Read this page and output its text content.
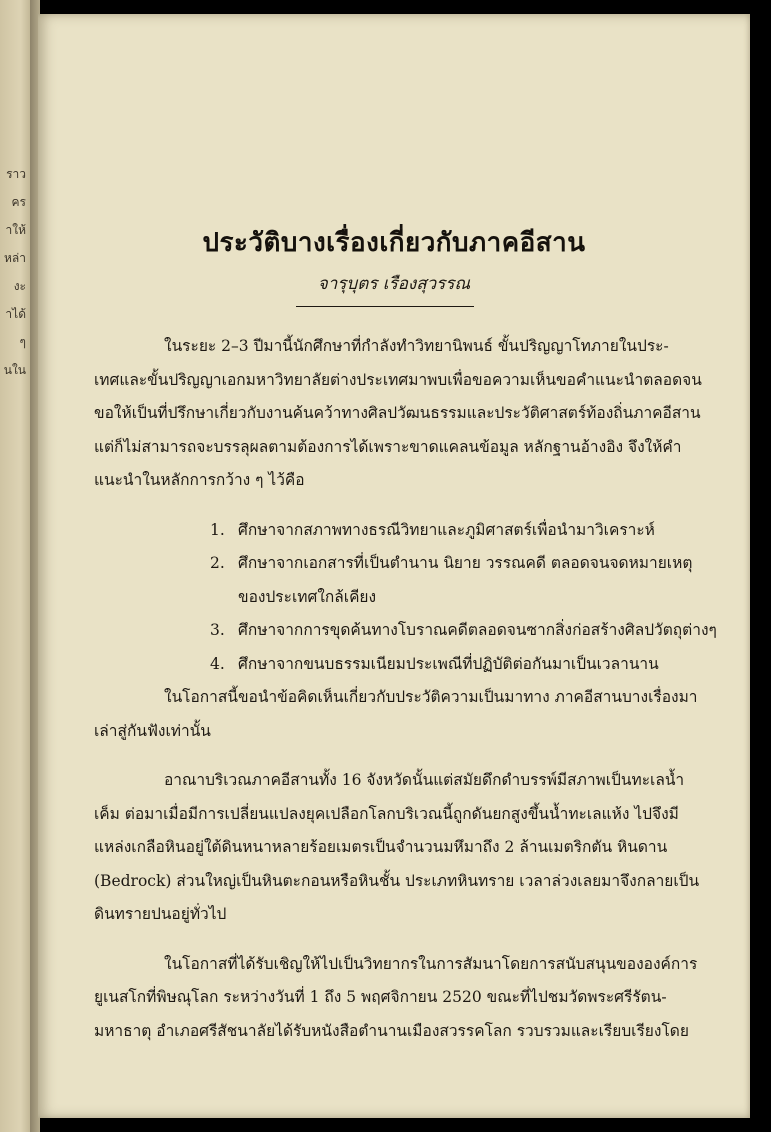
ราว
คร
าให้
หล่า
งะ
าได้
ๆ
นใน
ประวัติบางเรื่องเกี่ยวกับภาคอีสาน
จารุบุตร เรืองสุวรรณ

ในระยะ 2–3 ปีมานี้นักศึกษาที่กำลังทำวิทยานิพนธ์ ขั้นปริญญาโทภายในประ-
เทศและขั้นปริญญาเอกมหาวิทยาลัยต่างประเทศมาพบเพื่อขอความเห็นขอคำแนะนำตลอดจน
ขอให้เป็นที่ปรึกษาเกี่ยวกับงานค้นคว้าทางศิลปวัฒนธรรมและประวัติศาสตร์ท้องถิ่นภาคอีสาน
แต่ก็ไม่สามารถจะบรรลุผลตามต้องการได้เพราะขาดแคลนข้อมูล หลักฐานอ้างอิง จึงให้คำ
แนะนำในหลักการกว้าง ๆ ไว้คือ

1. ศึกษาจากสภาพทางธรณีวิทยาและภูมิศาสตร์เพื่อนำมาวิเคราะห์
2. ศึกษาจากเอกสารที่เป็นตำนาน นิยาย วรรณคดี ตลอดจนจดหมายเหตุ
ของประเทศใกล้เคียง
3. ศึกษาจากการขุดค้นทางโบราณคดีตลอดจนซากสิ่งก่อสร้างศิลปวัตถุต่างๆ
4. ศึกษาจากขนบธรรมเนียมประเพณีที่ปฏิบัติต่อกันมาเป็นเวลานาน

ในโอกาสนี้ขอนำข้อคิดเห็นเกี่ยวกับประวัติความเป็นมาทาง ภาคอีสานบางเรื่องมา
เล่าสู่กันฟังเท่านั้น

อาณาบริเวณภาคอีสานทั้ง 16 จังหวัดนั้นแต่สมัยดึกดำบรรพ์มีสภาพเป็นทะเลน้ำ
เค็ม ต่อมาเมื่อมีการเปลี่ยนแปลงยุคเปลือกโลกบริเวณนี้ถูกดันยกสูงขึ้นน้ำทะเลแห้ง ไปจึงมี
แหล่งเกลือหินอยู่ใต้ดินหนาหลายร้อยเมตรเป็นจำนวนมหึมาถึง 2 ล้านเมตริกตัน หินดาน
(Bedrock) ส่วนใหญ่เป็นหินตะกอนหรือหินชั้น ประเภทหินทราย เวลาล่วงเลยมาจึงกลายเป็น
ดินทรายปนอยู่ทั่วไป

ในโอกาสที่ได้รับเชิญให้ไปเป็นวิทยากรในการสัมนาโดยการสนับสนุนขององค์การ
ยูเนสโกที่พิษณุโลก ระหว่างวันที่ 1 ถึง 5 พฤศจิกายน 2520 ขณะที่ไปชมวัดพระศรีรัตน-
มหาธาตุ อำเภอศรีสัชนาลัยได้รับหนังสือตำนานเมืองสวรรคโลก รวบรวมและเรียบเรียงโดย
